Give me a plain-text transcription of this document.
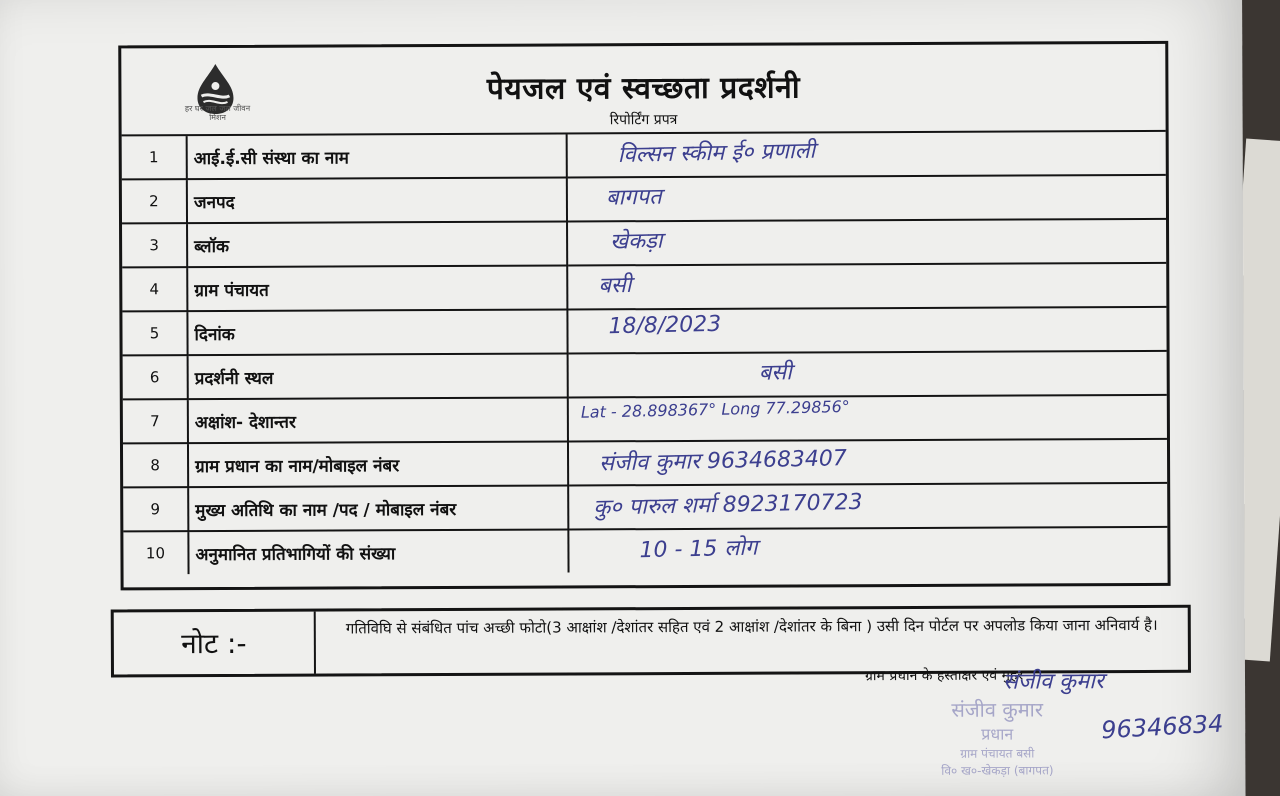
हर घर जल जल जीवन मिशन
पेयजल एवं स्वच्छता प्रदर्शनी
रिपोर्टिंग प्रपत्र
1	आई.ई.सी संस्था का नाम	विल्सन स्कीम ई० प्रणाली

2	जनपद	बागपत

3	ब्लॉक	खेकड़ा

4	ग्राम पंचायत	बसी

5	दिनांक	18/8/2023

6	प्रदर्शनी स्थल	बसी

7	अक्षांश- देशान्तर	Lat - 28.898367° Long 77.29856°

8	ग्राम प्रधान का नाम/मोबाइल नंबर	संजीव कुमार 9634683407

9	मुख्य अतिथि का नाम /पद / मोबाइल नंबर	कु० पारुल शर्मा 8923170723

10	अनुमानित प्रतिभागियों की संख्या	10 - 15 लोग
नोट :-
गतिविघि से संबंधित पांच अच्छी फोटो(3 आक्षांश /देशांतर सहित एवं 2 आक्षांश /देशांतर के बिना ) उसी दिन पोर्टल पर अपलोड किया जाना अनिवार्य है।
ग्राम प्रधान के हस्ताक्षर एवं मुहर
संजीव कुमार
संजीव कुमार
प्रधान
ग्राम पंचायत बसी
वि० ख०-खेकड़ा (बागपत)
96346834
